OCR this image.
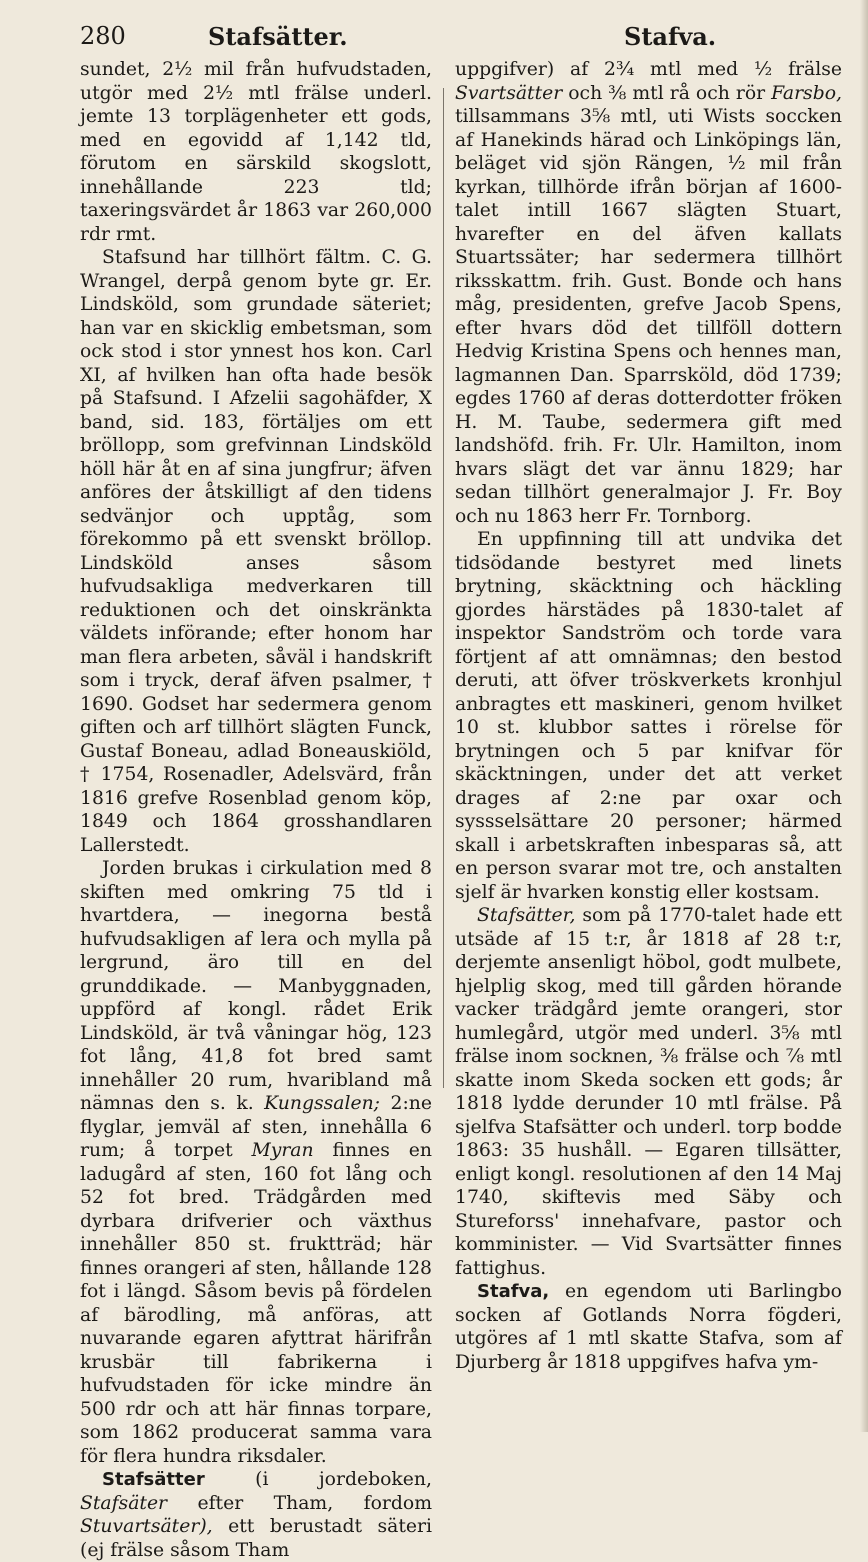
280	Stafsätter.	Stafva.

sundet, 2½ mil från hufvudstaden, utgör med 2½ mtl frälse underl. jemte 13 torplägenheter ett gods, med en egovidd af 1,142 tld, förutom en särskild skogslott, innehållande 223 tld; taxeringsvärdet år 1863 var 260,000 rdr rmt.

Stafsund har tillhört fältm. C. G. Wrangel, derpå genom byte gr. Er. Lindsköld, som grundade säteriet; han var en skicklig embetsman, som ock stod i stor ynnest hos kon. Carl XI, af hvilken han ofta hade besök på Stafsund. I Afzelii sagohäfder, X band, sid. 183, förtäljes om ett bröllopp, som grefvinnan Lindsköld höll här åt en af sina jungfrur; äfven anföres der åtskilligt af den tidens sedvänjor och upptåg, som förekommo på ett svenskt bröllop. Lindsköld anses såsom hufvudsakliga medverkaren till reduktionen och det oinskränkta väldets införande; efter honom har man flera arbeten, såväl i handskrift som i tryck, deraf äfven psalmer, † 1690. Godset har sedermera genom giften och arf tillhört slägten Funck, Gustaf Boneau, adlad Boneauskiöld, † 1754, Rosenadler, Adelsvärd, från 1816 grefve Rosenblad genom köp, 1849 och 1864 grosshandlaren Lallerstedt.

Jorden brukas i cirkulation med 8 skiften med omkring 75 tld i hvartdera, — inegorna bestå hufvudsakligen af lera och mylla på lergrund, äro till en del grunddikade. — Manbyggnaden, uppförd af kongl. rådet Erik Lindsköld, är två våningar hög, 123 fot lång, 41,8 fot bred samt innehåller 20 rum, hvaribland må nämnas den s. k. Kungssalen; 2:ne flyglar, jemväl af sten, innehålla 6 rum; å torpet Myran finnes en ladugård af sten, 160 fot lång och 52 fot bred. Trädgården med dyrbara drifverier och växthus innehåller 850 st. fruktträd; här finnes orangeri af sten, hållande 128 fot i längd. Såsom bevis på fördelen af bärodling, må anföras, att nuvarande egaren afyttrat härifrån krusbär till fabrikerna i hufvudstaden för icke mindre än 500 rdr och att här finnas torpare, som 1862 producerat samma vara för flera hundra riksdaler.

Stafsätter (i jordeboken, Stafsäter efter Tham, fordom Stuvartsäter), ett berustadt säteri (ej frälse såsom Tham

uppgifver) af 2¾ mtl med ½ frälse Svartsätter och ⅜ mtl rå och rör Farsbo, tillsammans 3⅝ mtl, uti Wists soccken af Hanekinds härad och Linköpings län, beläget vid sjön Rängen, ½ mil från kyrkan, tillhörde ifrån början af 1600-talet intill 1667 slägten Stuart, hvarefter en del äfven kallats Stuartssäter; har sedermera tillhört riksskattm. frih. Gust. Bonde och hans måg, presidenten, grefve Jacob Spens, efter hvars död det tillföll dottern Hedvig Kristina Spens och hennes man, lagmannen Dan. Sparrsköld, död 1739; egdes 1760 af deras dotterdotter fröken H. M. Taube, sedermera gift med landshöfd. frih. Fr. Ulr. Hamilton, inom hvars slägt det var ännu 1829; har sedan tillhört generalmajor J. Fr. Boy och nu 1863 herr Fr. Tornborg.

En uppfinning till att undvika det tidsödande bestyret med linets brytning, skäcktning och häckling gjordes härstädes på 1830-talet af inspektor Sandström och torde vara förtjent af att omnämnas; den bestod deruti, att öfver tröskverkets kronhjul anbragtes ett maskineri, genom hvilket 10 st. klubbor sattes i rörelse för brytningen och 5 par knifvar för skäcktningen, under det att verket drages af 2:ne par oxar och syssselsättare 20 personer; härmed skall i arbetskraften inbesparas så, att en person svarar mot tre, och anstalten sjelf är hvarken konstig eller kostsam.

Stafsätter, som på 1770-talet hade ett utsäde af 15 t:r, år 1818 af 28 t:r, derjemte ansenligt höbol, godt mulbete, hjelplig skog, med till gården hörande vacker trädgård jemte orangeri, stor humlegård, utgör med underl. 3⅝ mtl frälse inom socknen, ⅜ frälse och ⅞ mtl skatte inom Skeda socken ett gods; år 1818 lydde derunder 10 mtl frälse. På sjelfva Stafsätter och underl. torp bodde 1863: 35 hushåll. — Egaren tillsätter, enligt kongl. resolutionen af den 14 Maj 1740, skiftevis med Säby och Stureforss' innehafvare, pastor och komminister. — Vid Svartsätter finnes fattighus.

Stafva, en egendom uti Barlingbo socken af Gotlands Norra fögderi, utgöres af 1 mtl skatte Stafva, som af Djurberg år 1818 uppgifves hafva ym-
